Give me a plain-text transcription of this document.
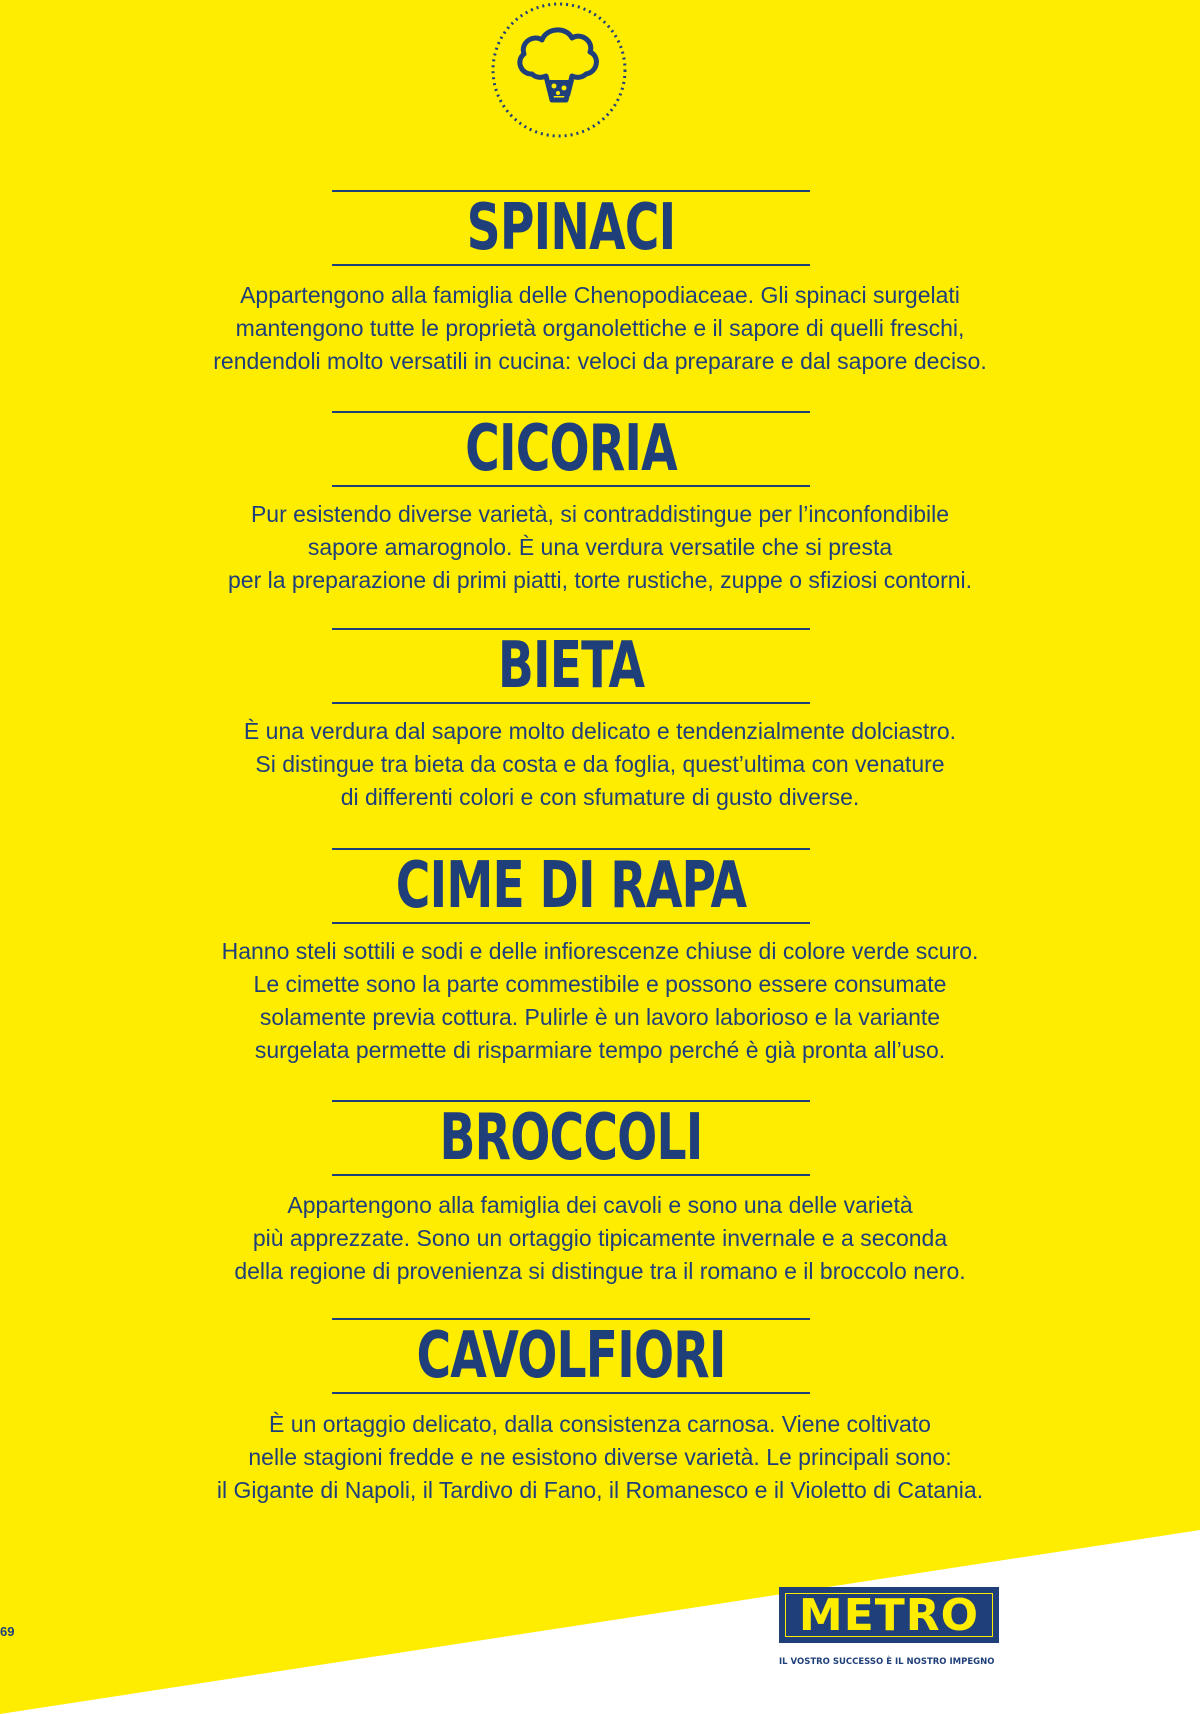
SPINACI
Appartengono alla famiglia delle Chenopodiaceae. Gli spinaci surgelati
mantengono tutte le proprietà organolettiche e il sapore di quelli freschi,
rendendoli molto versatili in cucina: veloci da preparare e dal sapore deciso.
CICORIA
Pur esistendo diverse varietà, si contraddistingue per l’inconfondibile
sapore amarognolo. È una verdura versatile che si presta
per la preparazione di primi piatti, torte rustiche, zuppe o sfiziosi contorni.
BIETA
È una verdura dal sapore molto delicato e tendenzialmente dolciastro.
Si distingue tra bieta da costa e da foglia, quest’ultima con venature
di differenti colori e con sfumature di gusto diverse.
CIME DI RAPA
Hanno steli sottili e sodi e delle infiorescenze chiuse di colore verde scuro.
Le cimette sono la parte commestibile e possono essere consumate
solamente previa cottura. Pulirle è un lavoro laborioso e la variante
surgelata permette di risparmiare tempo perché è già pronta all’uso.
BROCCOLI
Appartengono alla famiglia dei cavoli e sono una delle varietà
più apprezzate. Sono un ortaggio tipicamente invernale e a seconda
della regione di provenienza si distingue tra il romano e il broccolo nero.
CAVOLFIORI
È un ortaggio delicato, dalla consistenza carnosa. Viene coltivato
nelle stagioni fredde e ne esistono diverse varietà. Le principali sono:
il Gigante di Napoli, il Tardivo di Fano, il Romanesco e il Violetto di Catania.
69	METRO
IL VOSTRO SUCCESSO È IL NOSTRO IMPEGNO
